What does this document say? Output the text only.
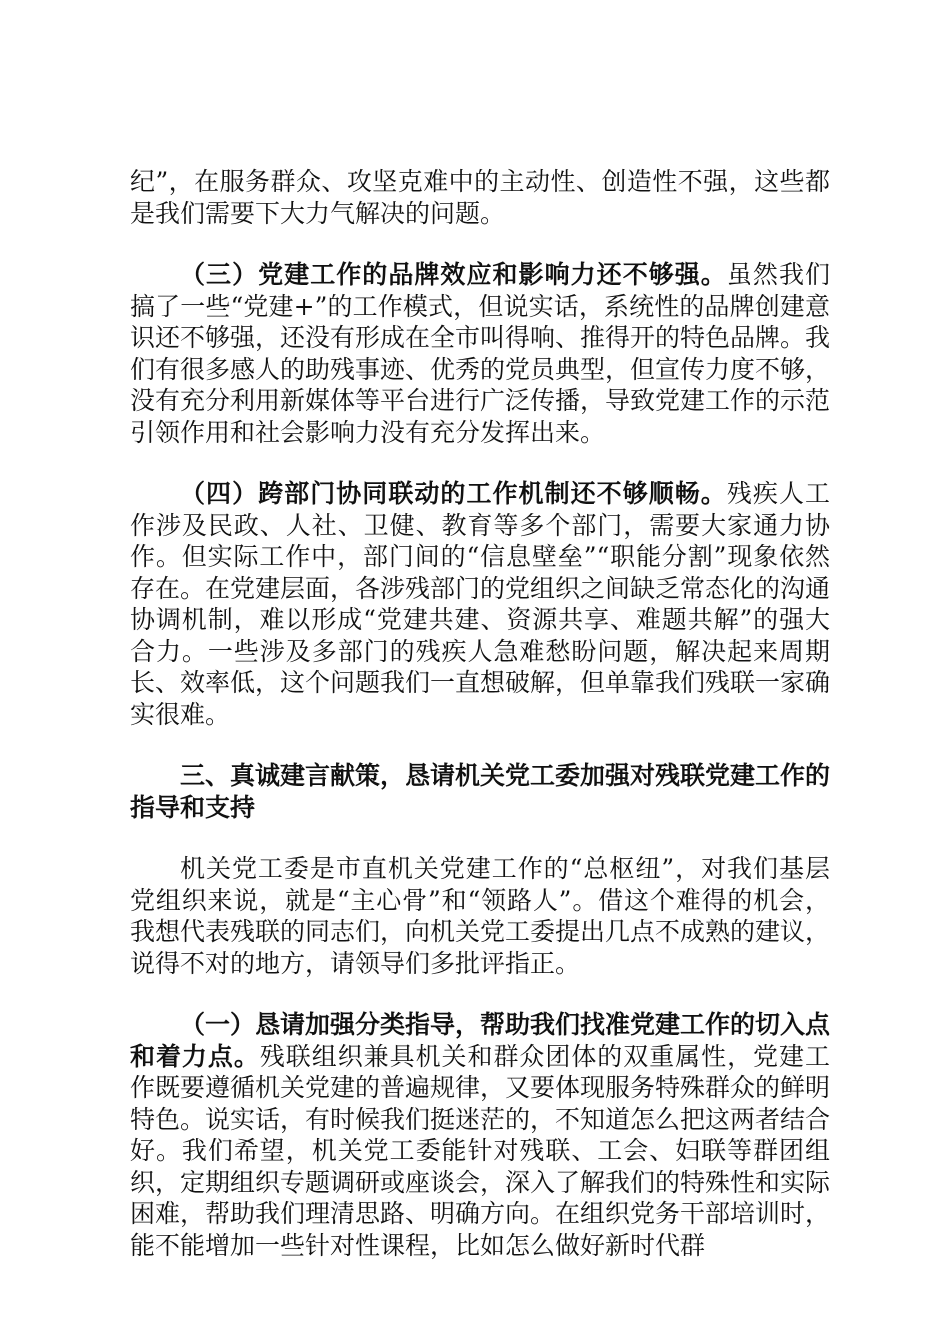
纪”，在服务群众、攻坚克难中的主动性、创造性不强，这些都是我们需要下大力气解决的问题。

（三）党建工作的品牌效应和影响力还不够强。虽然我们搞了一些“党建+”的工作模式，但说实话，系统性的品牌创建意识还不够强，还没有形成在全市叫得响、推得开的特色品牌。我们有很多感人的助残事迹、优秀的党员典型，但宣传力度不够，没有充分利用新媒体等平台进行广泛传播，导致党建工作的示范引领作用和社会影响力没有充分发挥出来。

（四）跨部门协同联动的工作机制还不够顺畅。残疾人工作涉及民政、人社、卫健、教育等多个部门，需要大家通力协作。但实际工作中，部门间的“信息壁垒”“职能分割”现象依然存在。在党建层面，各涉残部门的党组织之间缺乏常态化的沟通协调机制，难以形成“党建共建、资源共享、难题共解”的强大合力。一些涉及多部门的残疾人急难愁盼问题，解决起来周期长、效率低，这个问题我们一直想破解，但单靠我们残联一家确实很难。

三、真诚建言献策，恳请机关党工委加强对残联党建工作的指导和支持

机关党工委是市直机关党建工作的“总枢纽”，对我们基层党组织来说，就是“主心骨”和“领路人”。借这个难得的机会，我想代表残联的同志们，向机关党工委提出几点不成熟的建议，说得不对的地方，请领导们多批评指正。

（一）恳请加强分类指导，帮助我们找准党建工作的切入点和着力点。残联组织兼具机关和群众团体的双重属性，党建工作既要遵循机关党建的普遍规律，又要体现服务特殊群众的鲜明特色。说实话，有时候我们挺迷茫的，不知道怎么把这两者结合好。我们希望，机关党工委能针对残联、工会、妇联等群团组织，定期组织专题调研或座谈会，深入了解我们的特殊性和实际困难，帮助我们理清思路、明确方向。在组织党务干部培训时，能不能增加一些针对性课程，比如怎么做好新时代群
